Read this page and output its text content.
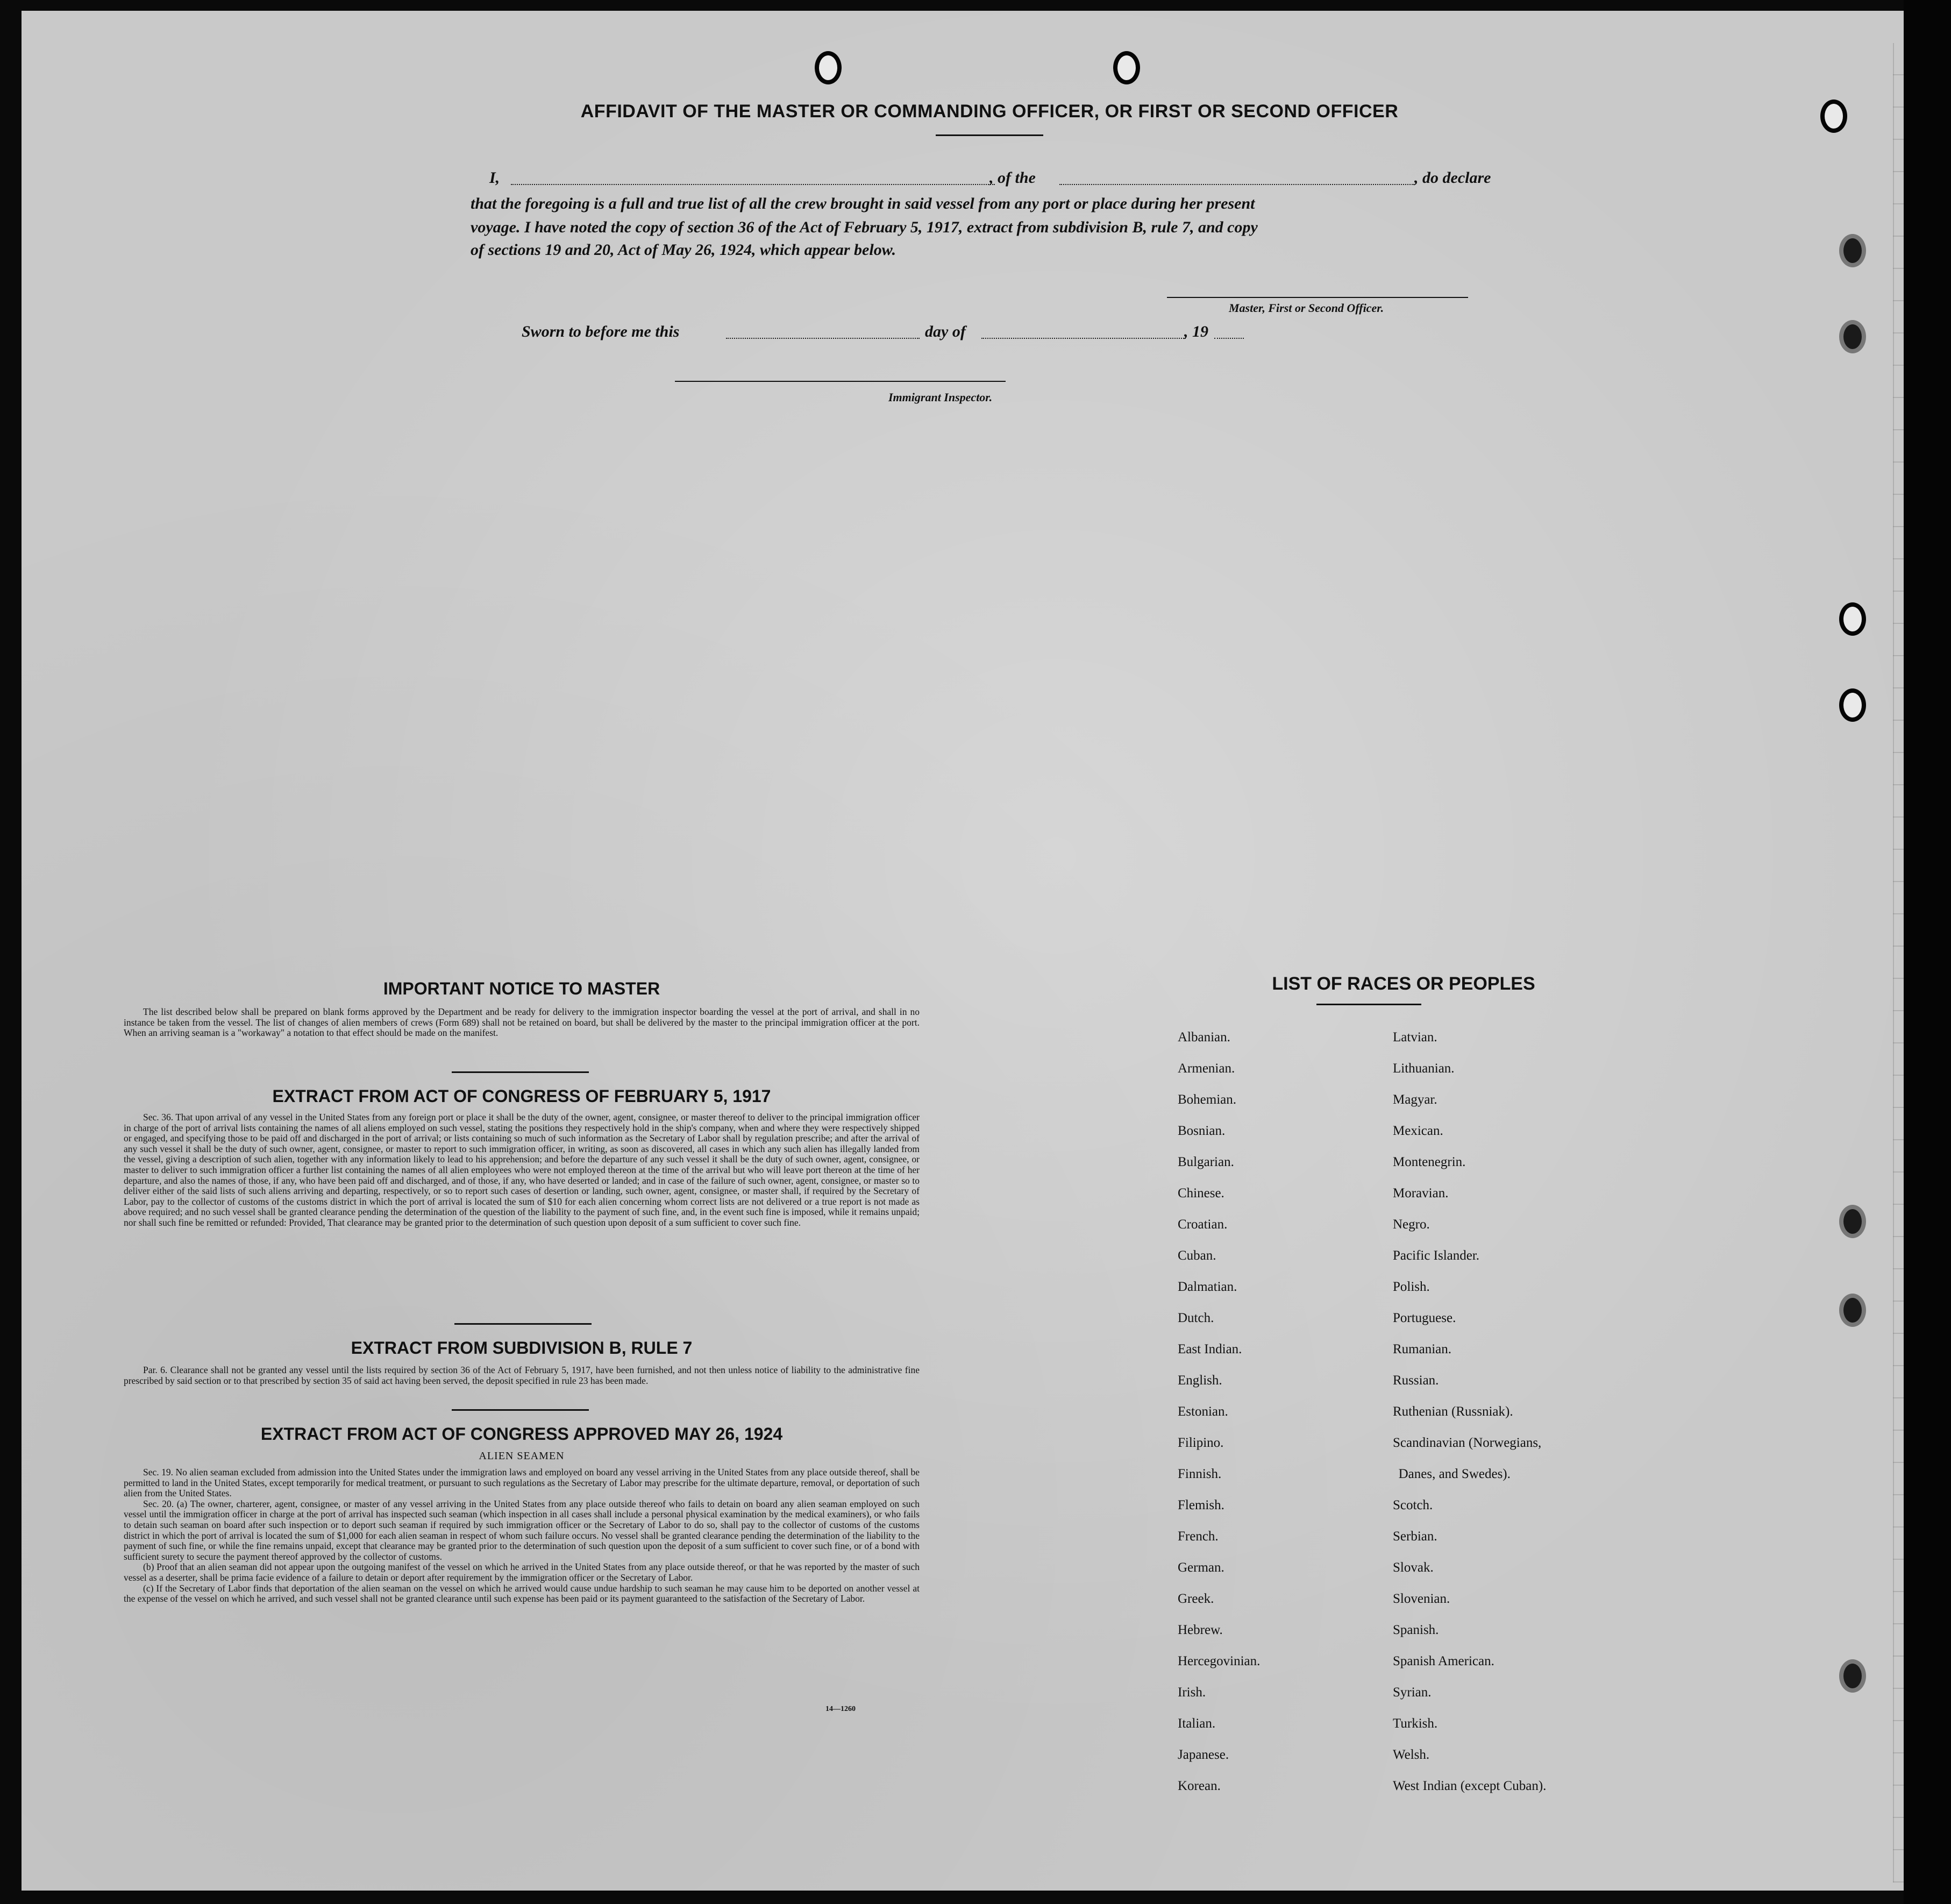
AFFIDAVIT OF THE MASTER OR COMMANDING OFFICER, OR FIRST OR SECOND OFFICER
I,	, of the	, do declare
that the foregoing is a full and true list of all the crew brought in said vessel from any port or place during her present
voyage. I have noted the copy of section 36 of the Act of February 5, 1917, extract from subdivision B, rule 7, and copy
of sections 19 and 20, Act of May 26, 1924, which appear below.
Master, First or Second Officer.
Sworn to before me this	day of	, 19
Immigrant Inspector.
IMPORTANT NOTICE TO MASTER

The list described below shall be prepared on blank forms approved by the Department and be ready for delivery to the immigration inspector boarding the vessel at the port of arrival, and shall in no instance be taken from the vessel. The list of changes of alien members of crews (Form 689) shall not be retained on board, but shall be delivered by the master to the principal immigration officer at the port. When an arriving seaman is a "workaway" a notation to that effect should be made on the manifest.

EXTRACT FROM ACT OF CONGRESS OF FEBRUARY 5, 1917

Sec. 36. That upon arrival of any vessel in the United States from any foreign port or place it shall be the duty of the owner, agent, consignee, or master thereof to deliver to the principal immigration officer in charge of the port of arrival lists containing the names of all aliens employed on such vessel, stating the positions they respectively hold in the ship's company, when and where they were respectively shipped or engaged, and specifying those to be paid off and discharged in the port of arrival; or lists containing so much of such information as the Secretary of Labor shall by regulation prescribe; and after the arrival of any such vessel it shall be the duty of such owner, agent, consignee, or master to report to such immigration officer, in writing, as soon as discovered, all cases in which any such alien has illegally landed from the vessel, giving a description of such alien, together with any information likely to lead to his apprehension; and before the departure of any such vessel it shall be the duty of such owner, agent, consignee, or master to deliver to such immigration officer a further list containing the names of all alien employees who were not employed thereon at the time of the arrival but who will leave port thereon at the time of her departure, and also the names of those, if any, who have been paid off and discharged, and of those, if any, who have deserted or landed; and in case of the failure of such owner, agent, consignee, or master so to deliver either of the said lists of such aliens arriving and departing, respectively, or so to report such cases of desertion or landing, such owner, agent, consignee, or master shall, if required by the Secretary of Labor, pay to the collector of customs of the customs district in which the port of arrival is located the sum of $10 for each alien concerning whom correct lists are not delivered or a true report is not made as above required; and no such vessel shall be granted clearance pending the determination of the question of the liability to the payment of such fine, and, in the event such fine is imposed, while it remains unpaid; nor shall such fine be remitted or refunded: Provided, That clearance may be granted prior to the determination of such question upon deposit of a sum sufficient to cover such fine.

EXTRACT FROM SUBDIVISION B, RULE 7

Par. 6. Clearance shall not be granted any vessel until the lists required by section 36 of the Act of February 5, 1917, have been furnished, and not then unless notice of liability to the administrative fine prescribed by said section or to that prescribed by section 35 of said act having been served, the deposit specified in rule 23 has been made.

EXTRACT FROM ACT OF CONGRESS APPROVED MAY 26, 1924
ALIEN SEAMEN

Sec. 19. No alien seaman excluded from admission into the United States under the immigration laws and employed on board any vessel arriving in the United States from any place outside thereof, shall be permitted to land in the United States, except temporarily for medical treatment, or pursuant to such regulations as the Secretary of Labor may prescribe for the ultimate departure, removal, or deportation of such alien from the United States.

Sec. 20. (a) The owner, charterer, agent, consignee, or master of any vessel arriving in the United States from any place outside thereof who fails to detain on board any alien seaman employed on such vessel until the immigration officer in charge at the port of arrival has inspected such seaman (which inspection in all cases shall include a personal physical examination by the medical examiners), or who fails to detain such seaman on board after such inspection or to deport such seaman if required by such immigration officer or the Secretary of Labor to do so, shall pay to the collector of customs of the customs district in which the port of arrival is located the sum of $1,000 for each alien seaman in respect of whom such failure occurs. No vessel shall be granted clearance pending the determination of the liability to the payment of such fine, or while the fine remains unpaid, except that clearance may be granted prior to the determination of such question upon the deposit of a sum sufficient to cover such fine, or of a bond with sufficient surety to secure the payment thereof approved by the collector of customs.

(b) Proof that an alien seaman did not appear upon the outgoing manifest of the vessel on which he arrived in the United States from any place outside thereof, or that he was reported by the master of such vessel as a deserter, shall be prima facie evidence of a failure to detain or deport after requirement by the immigration officer or the Secretary of Labor.

(c) If the Secretary of Labor finds that deportation of the alien seaman on the vessel on which he arrived would cause undue hardship to such seaman he may cause him to be deported on another vessel at the expense of the vessel on which he arrived, and such vessel shall not be granted clearance until such expense has been paid or its payment guaranteed to the satisfaction of the Secretary of Labor.

14—1260
LIST OF RACES OR PEOPLES
Albanian.	Latvian.
Armenian.	Lithuanian.
Bohemian.	Magyar.
Bosnian.	Mexican.
Bulgarian.	Montenegrin.
Chinese.	Moravian.
Croatian.	Negro.
Cuban.	Pacific Islander.
Dalmatian.	Polish.
Dutch.	Portuguese.
East Indian.	Rumanian.
English.	Russian.
Estonian.	Ruthenian (Russniak).
Filipino.	Scandinavian (Norwegians,
Finnish.	Danes, and Swedes).
Flemish.	Scotch.
French.	Serbian.
German.	Slovak.
Greek.	Slovenian.
Hebrew.	Spanish.
Hercegovinian.	Spanish American.
Irish.	Syrian.
Italian.	Turkish.
Japanese.	Welsh.
Korean.	West Indian (except Cuban).
